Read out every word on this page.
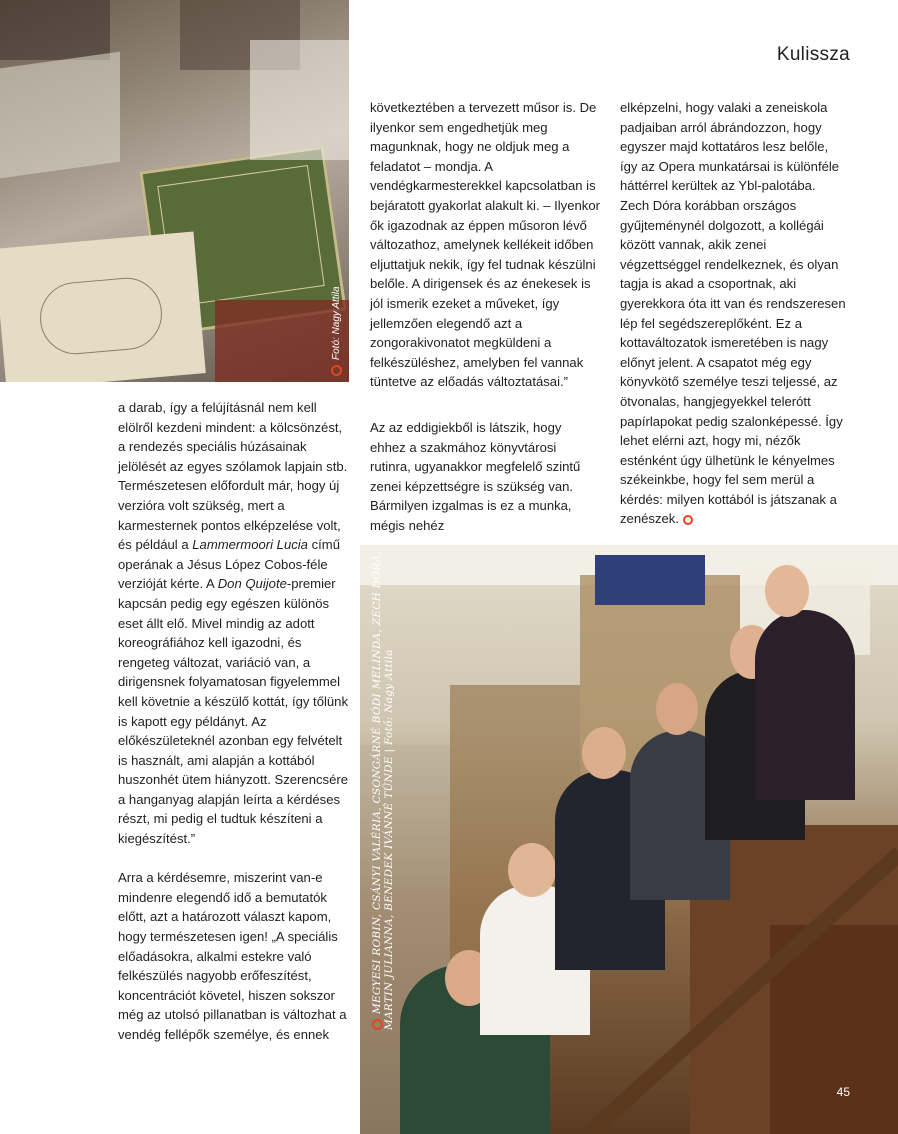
Kulissza
Fotó: Nagy Attila
MEGYESI ROBIN, CSÁNYI VALÉRIA, CSONGÁRNÉ BÓDI MELINDA, ZECH DÓRA, MARTIN JULIANNA, BENEDEK IVÁNNÉ TÜNDE | Fotó: Nagy Attila

a darab, így a felújításnál nem kell elölről kezdeni mindent: a kölcsönzést, a rendezés speciális húzásainak jelölését az egyes szólamok lapjain stb. Természetesen előfordult már, hogy új verzióra volt szükség, mert a karmesternek pontos elképzelése volt, és például a Lammermoori Lucia című operának a Jésus López Cobos-féle verzióját kérte. A Don Quijote-premier kapcsán pedig egy egészen különös eset állt elő. Mivel mindig az adott koreográfiához kell igazodni, és rengeteg változat, variáció van, a dirigensnek folyamatosan figyelemmel kell követnie a készülő kottát, így tőlünk is kapott egy példányt. Az előkészületeknél azonban egy felvételt is használt, ami alapján a kottából huszonhét ütem hiányzott. Szerencsére a hanganyag alapján leírta a kérdéses részt, mi pedig el tudtuk készíteni a kiegészítést.”

Arra a kérdésemre, miszerint van-e mindenre elegendő idő a bemutatók előtt, azt a határozott választ kapom, hogy természetesen igen! „A speciális előadásokra, alkalmi estekre való felkészülés nagyobb erőfeszítést, koncentrációt követel, hiszen sokszor még az utolsó pillanatban is változhat a vendég fellépők személye, és ennek

következtében a tervezett műsor is. De ilyenkor sem engedhetjük meg magunknak, hogy ne oldjuk meg a feladatot – mondja. A vendégkarmesterekkel kapcsolatban is bejáratott gyakorlat alakult ki. – Ilyenkor ők igazodnak az éppen műsoron lévő változathoz, amelynek kellékeit időben eljuttatjuk nekik, így fel tudnak készülni belőle. A dirigensek és az énekesek is jól ismerik ezeket a műveket, így jellemzően elegendő azt a zongorakivonatot megküldeni a felkészüléshez, amelyben fel vannak tüntetve az előadás változtatásai.”

Az az eddigiekből is látszik, hogy ehhez a szakmához könyvtárosi rutinra, ugyanakkor megfelelő szintű zenei képzettségre is szükség van. Bármilyen izgalmas is ez a munka, mégis nehéz

elképzelni, hogy valaki a zeneiskola padjaiban arról ábrándozzon, hogy egyszer majd kottatáros lesz belőle, így az Opera munkatársai is különféle háttérrel kerültek az Ybl-palotába. Zech Dóra korábban országos gyűjteménynél dolgozott, a kollégái között vannak, akik zenei végzettséggel rendelkeznek, és olyan tagja is akad a csoportnak, aki gyerekkora óta itt van és rendszeresen lép fel segédszereplőként. Ez a kottaváltozatok ismeretében is nagy előnyt jelent. A csapatot még egy könyvkötő személye teszi teljessé, az ötvonalas, hangjegyekkel telerótt papírlapokat pedig szalonképessé. Így lehet elérni azt, hogy mi, nézők esténként úgy ülhetünk le kényelmes székeinkbe, hogy fel sem merül a kérdés: milyen kottából is játszanak a zenészek.

45
